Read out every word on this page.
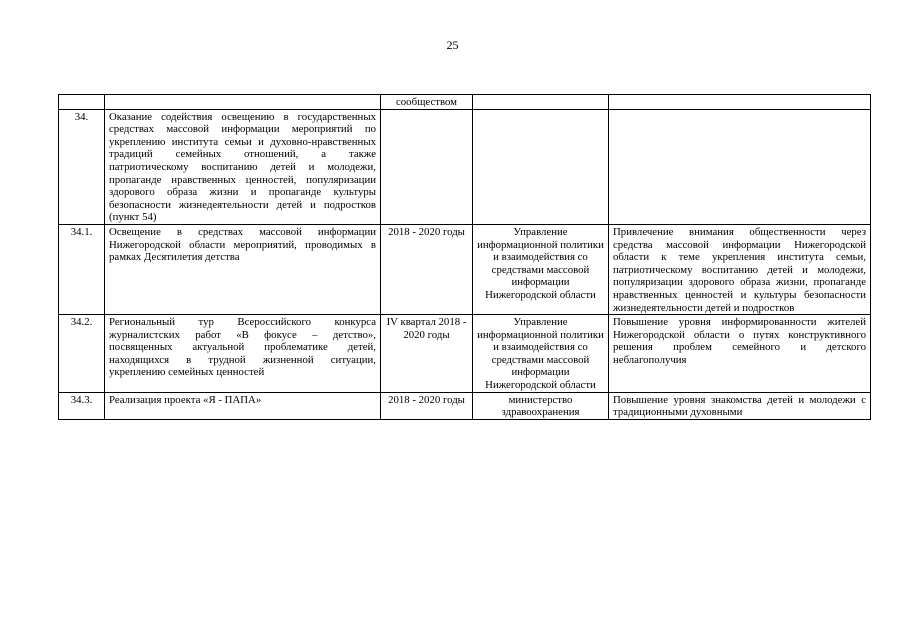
25
		сообществом		
34.	Оказание содействия освещению в государственных средствах массовой информации мероприятий по укреплению института семьи и духовно-нравственных традиций семейных отношений, а также патриотическому воспитанию детей и молодежи, пропаганде нравственных ценностей, популяризации здорового образа жизни и пропаганде культуры безопасности жизнедеятельности детей и подростков (пункт 54)			
34.1.	Освещение в средствах массовой информации Нижегородской области мероприятий, проводимых в рамках Десятилетия детства	2018 - 2020 годы	Управление информационной политики и взаимодействия со средствами массовой информации Нижегородской области	Привлечение внимания общественности через средства массовой информации Нижегородской области к теме укрепления института семьи, патриотическому воспитанию детей и молодежи, популяризации здорового образа жизни, пропаганде нравственных ценностей и культуры безопасности жизнедеятельности детей и подростков
34.2.	Региональный тур Всероссийского конкурса журналистских работ «В фокусе – детство», посвященных актуальной проблематике детей, находящихся в трудной жизненной ситуации, укреплению семейных ценностей	IV квартал 2018 - 2020 годы	Управление информационной политики и взаимодействия со средствами массовой информации Нижегородской области	Повышение уровня информированности жителей Нижегородской области о путях конструктивного решения проблем семейного и детского неблагополучия
34.3.	Реализация проекта «Я - ПАПА»	2018 - 2020 годы	министерство здравоохранения	Повышение уровня знакомства детей и молодежи с традиционными духовными
